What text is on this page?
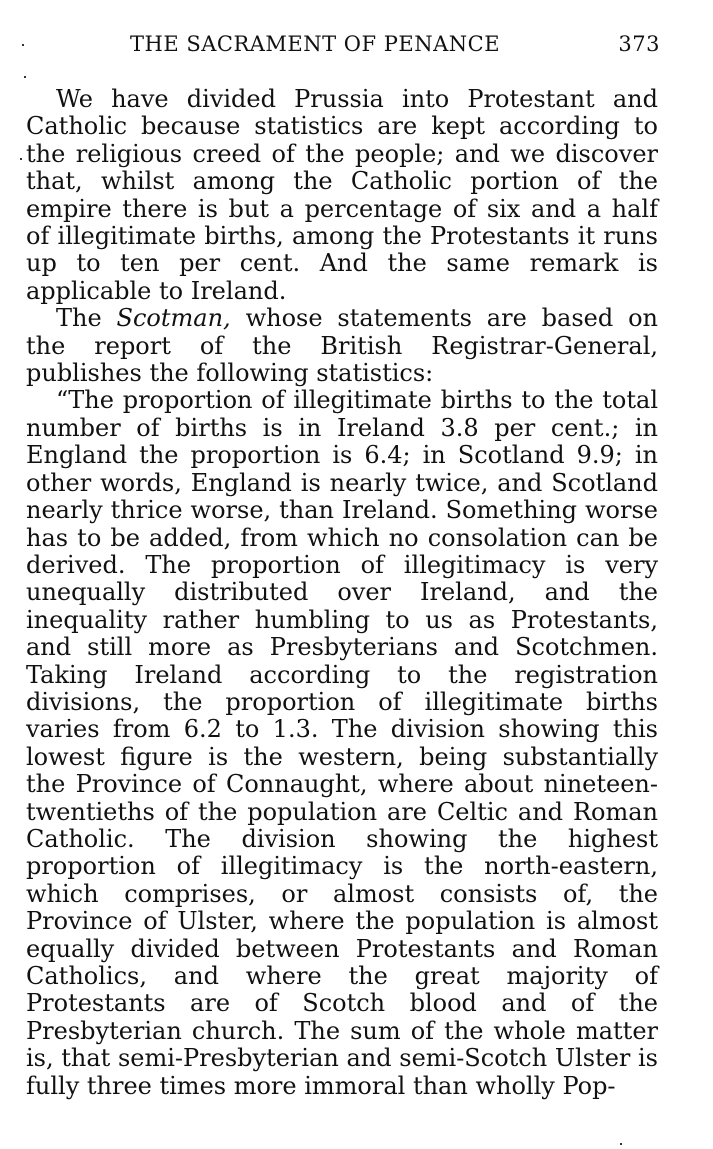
THE SACRAMENT OF PENANCE	373

We have divided Prussia into Protestant and Catholic because statistics are kept according to the religious creed of the people; and we discover that, whilst among the Catholic portion of the empire there is but a percentage of six and a half of illegitimate births, among the Protestants it runs up to ten per cent. And the same remark is applicable to Ireland.

The Scotman, whose statements are based on the report of the British Registrar-General, publishes the following statistics:

“The proportion of illegitimate births to the total number of births is in Ireland 3.8 per cent.; in England the proportion is 6.4; in Scotland 9.9; in other words, England is nearly twice, and Scotland nearly thrice worse, than Ireland. Something worse has to be added, from which no consolation can be derived. The proportion of illegitimacy is very unequally distributed over Ireland, and the inequality rather humbling to us as Protestants, and still more as Presbyterians and Scotchmen. Taking Ireland according to the registration divisions, the proportion of illegitimate births varies from 6.2 to 1.3. The division showing this lowest figure is the western, being substantially the Province of Connaught, where about nineteen-twentieths of the population are Celtic and Roman Catholic. The division showing the highest proportion of illegitimacy is the north-eastern, which comprises, or almost consists of, the Province of Ulster, where the population is almost equally divided between Protestants and Roman Catholics, and where the great majority of Protestants are of Scotch blood and of the Presbyterian church. The sum of the whole matter is, that semi-Presbyterian and semi-Scotch Ulster is fully three times more immoral than wholly Pop-
